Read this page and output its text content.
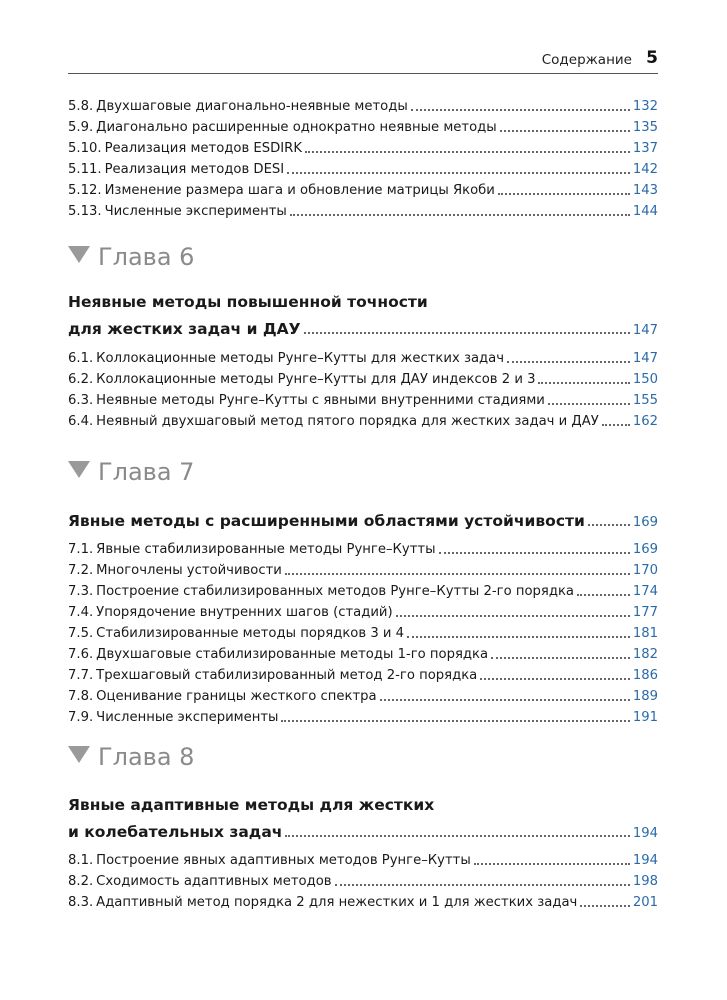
Содержание 5
5.8. Двухшаговые диагонально-неявные методы	132
5.9. Диагонально расширенные однократно неявные методы	135
5.10. Реализация методов ESDIRK	137
5.11. Реализация методов DESI	142
5.12. Изменение размера шага и обновление матрицы Якоби	143
5.13. Численные эксперименты	144
Глава 6
Неявные методы повышенной точности
для жестких задач и ДАУ	147
6.1. Коллокационные методы Рунге–Кутты для жестких задач	147
6.2. Коллокационные методы Рунге–Кутты для ДАУ индексов 2 и 3	150
6.3. Неявные методы Рунге–Кутты с явными внутренними стадиями	155
6.4. Неявный двухшаговый метод пятого порядка для жестких задач и ДАУ	162
Глава 7
Явные методы с расширенными областями устойчивости	169
7.1. Явные стабилизированные методы Рунге–Кутты	169
7.2. Многочлены устойчивости	170
7.3. Построение стабилизированных методов Рунге–Кутты 2-го порядка	174
7.4. Упорядочение внутренних шагов (стадий)	177
7.5. Стабилизированные методы порядков 3 и 4	181
7.6. Двухшаговые стабилизированные методы 1-го порядка	182
7.7. Трехшаговый стабилизированный метод 2-го порядка	186
7.8. Оценивание границы жесткого спектра	189
7.9. Численные эксперименты	191
Глава 8
Явные адаптивные методы для жестких
и колебательных задач	194
8.1. Построение явных адаптивных методов Рунге–Кутты	194
8.2. Сходимость адаптивных методов	198
8.3. Адаптивный метод порядка 2 для нежестких и 1 для жестких задач	201
